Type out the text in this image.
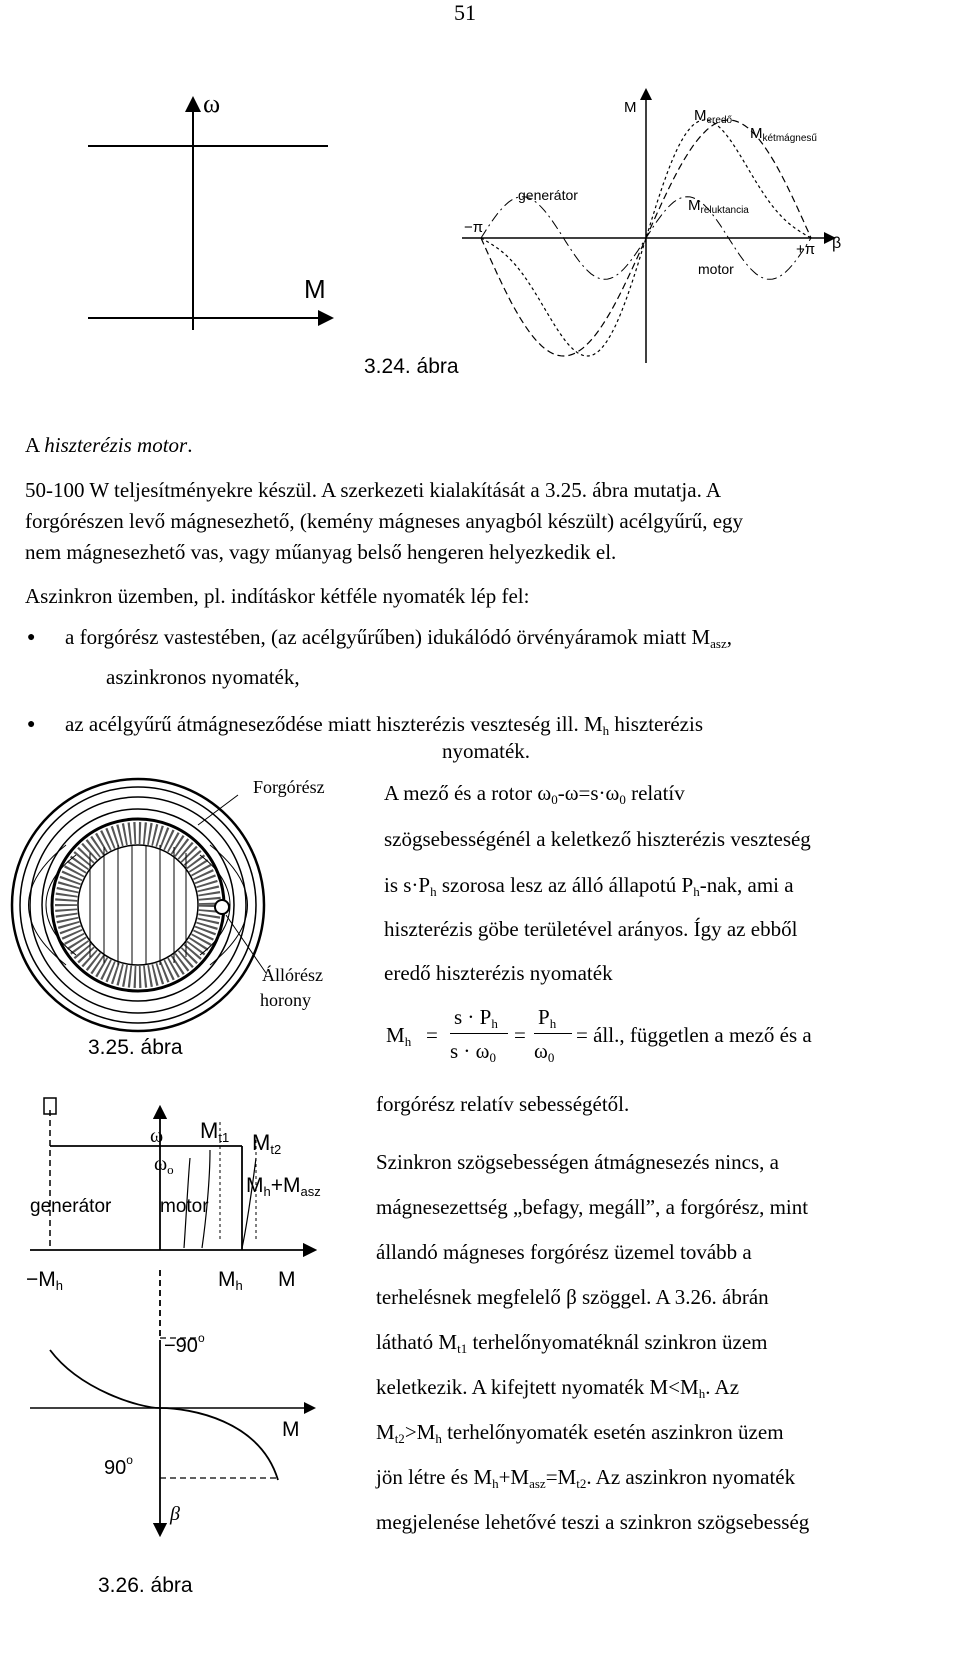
51
ω
M
M	$M_{eredő}$
$M_{kétmágnesű}$
generátor
$M_{reluktancia}$
−π
+π β
motor
3.24. ábra
A hiszterézis motor.
50-100 W teljesítményekre készül. A szerkezeti kialakítását a 3.25. ábra mutatja. A
forgórészen levő mágnesezhető, (kemény mágneses anyagból készült) acélgyűrű, egy
nem mágnesezhető vas, vagy műanyag belső hengeren helyezkedik el.
Aszinkron üzemben, pl. indításkor kétféle nyomaték lép fel:
● a forgórész vastestében, (az acélgyűrűben) idukálódó örvényáramok miatt $M_{asz}$,
aszinkronos nyomaték,
● az acélgyűrű átmágneseződése miatt hiszterézis veszteség ill. $M_h$ hiszterézis
nyomaték.
Forgórész
Állórész
horony
3.25. ábra
A mező és a rotor $\omega_0-\omega=s\cdot\omega_0$ relatív
szögsebességénél a keletkező hiszterézis veszteség
is $s\cdot P_h$ szorosa lesz az álló állapotú $P_h$-nak, ami a
hiszterézis göbe területével arányos. Így az ebből
eredő hiszterézis nyomaték
$M_h$ =
$s \cdot P_h$
$s \cdot \omega_0$
=
$P_h$
$\omega_0$
= áll., független a mező és a
forgórész relatív sebességétől.
Szinkron szögsebességen átmágnesezés nincs, a
mágnesezettség „befagy, megáll”, a forgórész, mint
állandó mágneses forgórész üzemel tovább a
terhelésnek megfelelő β szöggel. A 3.26. ábrán
látható $M_{t1}$ terhelőnyomatéknál szinkron üzem
keletkezik. A kifejtett nyomaték $M<M_h$. Az
$M_{t2}>M_h$ terhelőnyomaték esetén aszinkron üzem
jön létre és $M_h+M_{asz}=M_{t2}$. Az aszinkron nyomaték
megjelenése lehetővé teszi a szinkron szögsebesség
ω
$\omega_o$
Mt1 Mt2
Mh+Masz
generátor	motor
−Mh	Mh M
$-90^o$
M
90$^o$
β
3.26. ábra
